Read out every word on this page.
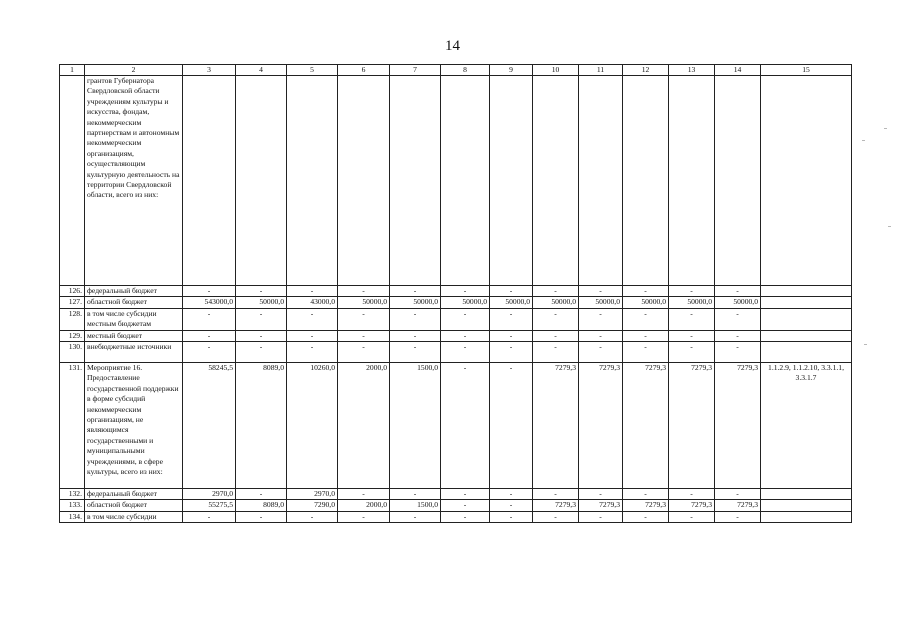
14
1	2	3	4	5	6	7	8	9	10	11	12	13	14	15
	грантов Губернатора Свердловской области учреждениям культуры и искусства, фондам, некоммерческим партнерствам и автономным некоммерческим организациям, осуществляющим культурную деятельность на территории Свердловской области, всего из них:													
126.	федеральный бюджет	-	-	-	-	-	-	-	-	-	-	-	-	
127.	областной бюджет	543000,0	50000,0	43000,0	50000,0	50000,0	50000,0	50000,0	50000,0	50000,0	50000,0	50000,0	50000,0	
128.	в том числе субсидии местным бюджетам	-	-	-	-	-	-	-	-	-	-	-	-	
129.	местный бюджет	-	-	-	-	-	-	-	-	-	-	-	-	
130.	внебюджетные источники	-	-	-	-	-	-	-	-	-	-	-	-	
131.	Мероприятие 16. Предоставление государственной поддержки в форме субсидий некоммерческим организациям, не являющимся государственными и муниципальными учреждениями, в сфере культуры, всего из них:	58245,5	8089,0	10260,0	2000,0	1500,0	-	-	7279,3	7279,3	7279,3	7279,3	7279,3	1.1.2.9, 1.1.2.10, 3.3.1.1, 3.3.1.7
132.	федеральный бюджет	2970,0	-	2970,0	-	-	-	-	-	-	-	-	-	
133.	областной бюджет	55275,5	8089,0	7290,0	2000,0	1500,0	-	-	7279,3	7279,3	7279,3	7279,3	7279,3	
134.	в том числе субсидии	-	-	-	-	-	-	-	-	-	-	-	-	
